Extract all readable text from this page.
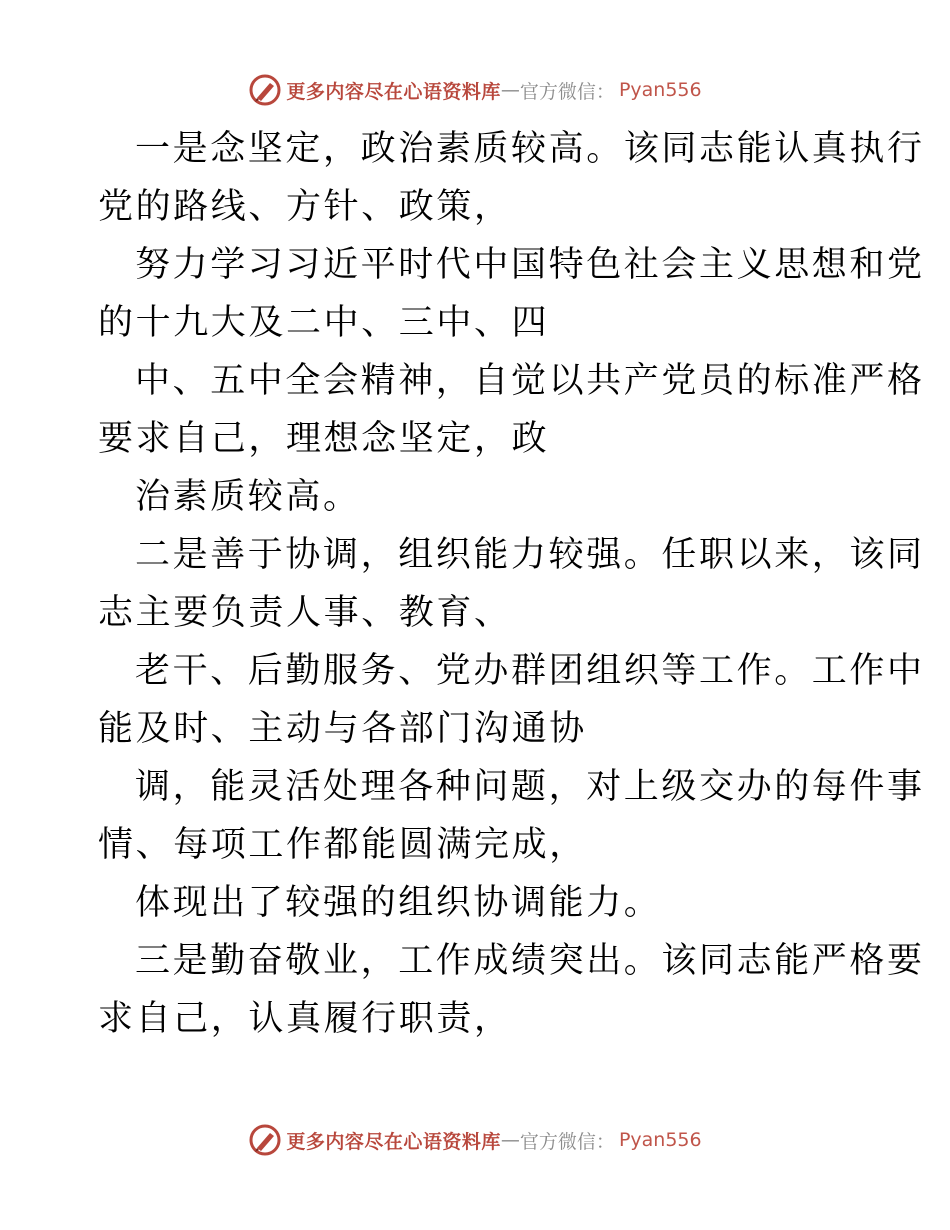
更多内容尽在心语资料库 — 官方微信： Pyan556
一是念坚定，政治素质较高。该同志能认真执行
党的路线、方针、政策，
努力学习习近平时代中国特色社会主义思想和党
的十九大及二中、三中、四
中、五中全会精神，自觉以共产党员的标准严格
要求自己，理想念坚定，政
治素质较高。
二是善于协调，组织能力较强。任职以来，该同
志主要负责人事、教育、
老干、后勤服务、党办群团组织等工作。工作中
能及时、主动与各部门沟通协
调，能灵活处理各种问题，对上级交办的每件事
情、每项工作都能圆满完成，
体现出了较强的组织协调能力。
三是勤奋敬业，工作成绩突出。该同志能严格要
求自己，认真履行职责，
更多内容尽在心语资料库 — 官方微信： Pyan556
